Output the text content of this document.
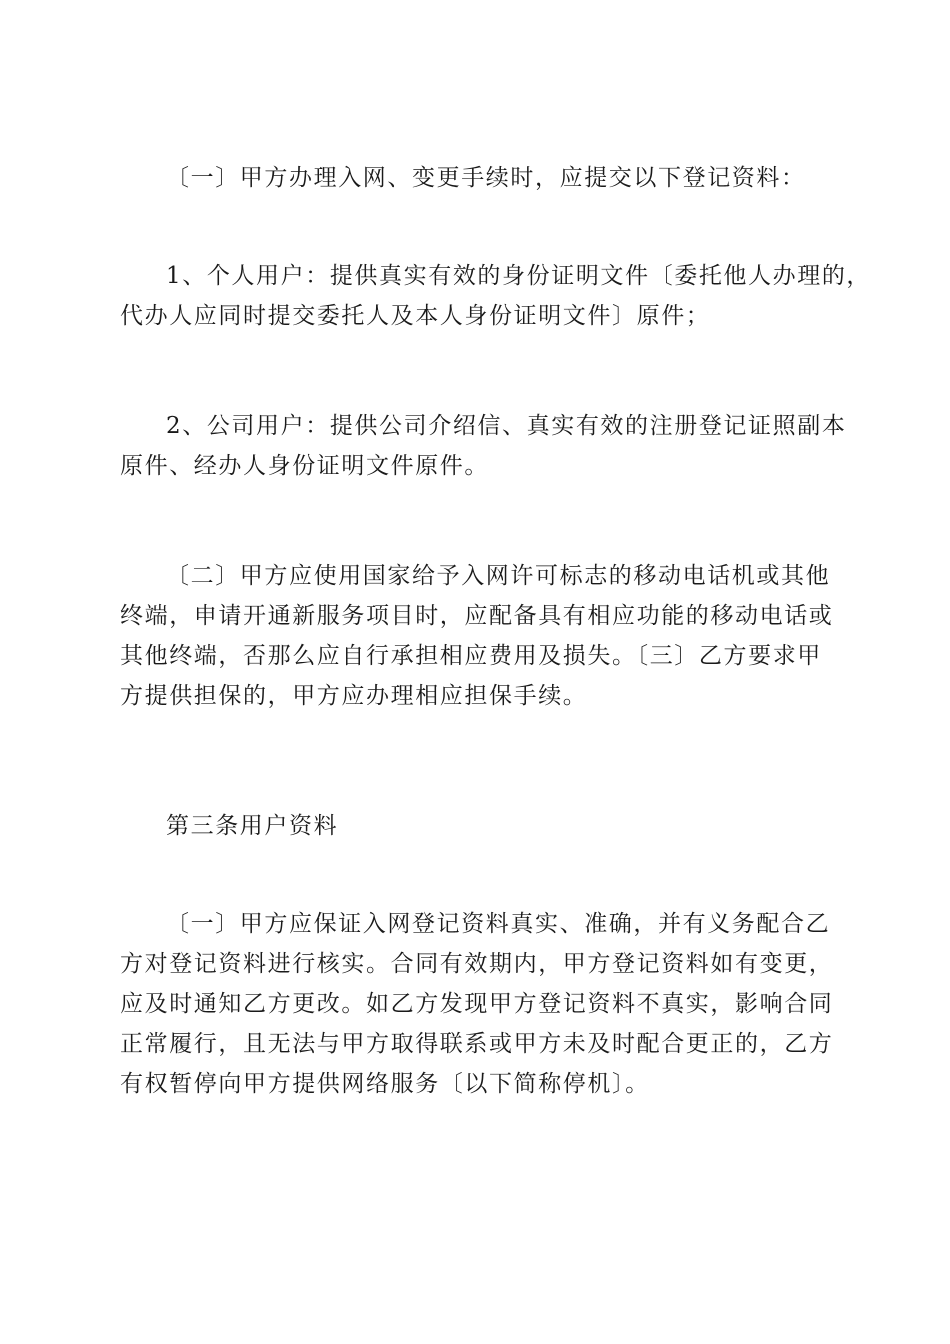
〔一〕甲方办理入网、变更手续时，应提交以下登记资料：
1、个人用户：提供真实有效的身份证明文件〔委托他人办理的，
代办人应同时提交委托人及本人身份证明文件〕原件；
2、公司用户：提供公司介绍信、真实有效的注册登记证照副本
原件、经办人身份证明文件原件。
〔二〕甲方应使用国家给予入网许可标志的移动电话机或其他
终端，申请开通新服务项目时，应配备具有相应功能的移动电话或
其他终端，否那么应自行承担相应费用及损失。〔三〕乙方要求甲
方提供担保的，甲方应办理相应担保手续。
第三条用户资料
〔一〕甲方应保证入网登记资料真实、准确，并有义务配合乙
方对登记资料进行核实。合同有效期内，甲方登记资料如有变更，
应及时通知乙方更改。如乙方发现甲方登记资料不真实，影响合同
正常履行，且无法与甲方取得联系或甲方未及时配合更正的，乙方
有权暂停向甲方提供网络服务〔以下简称停机〕。
